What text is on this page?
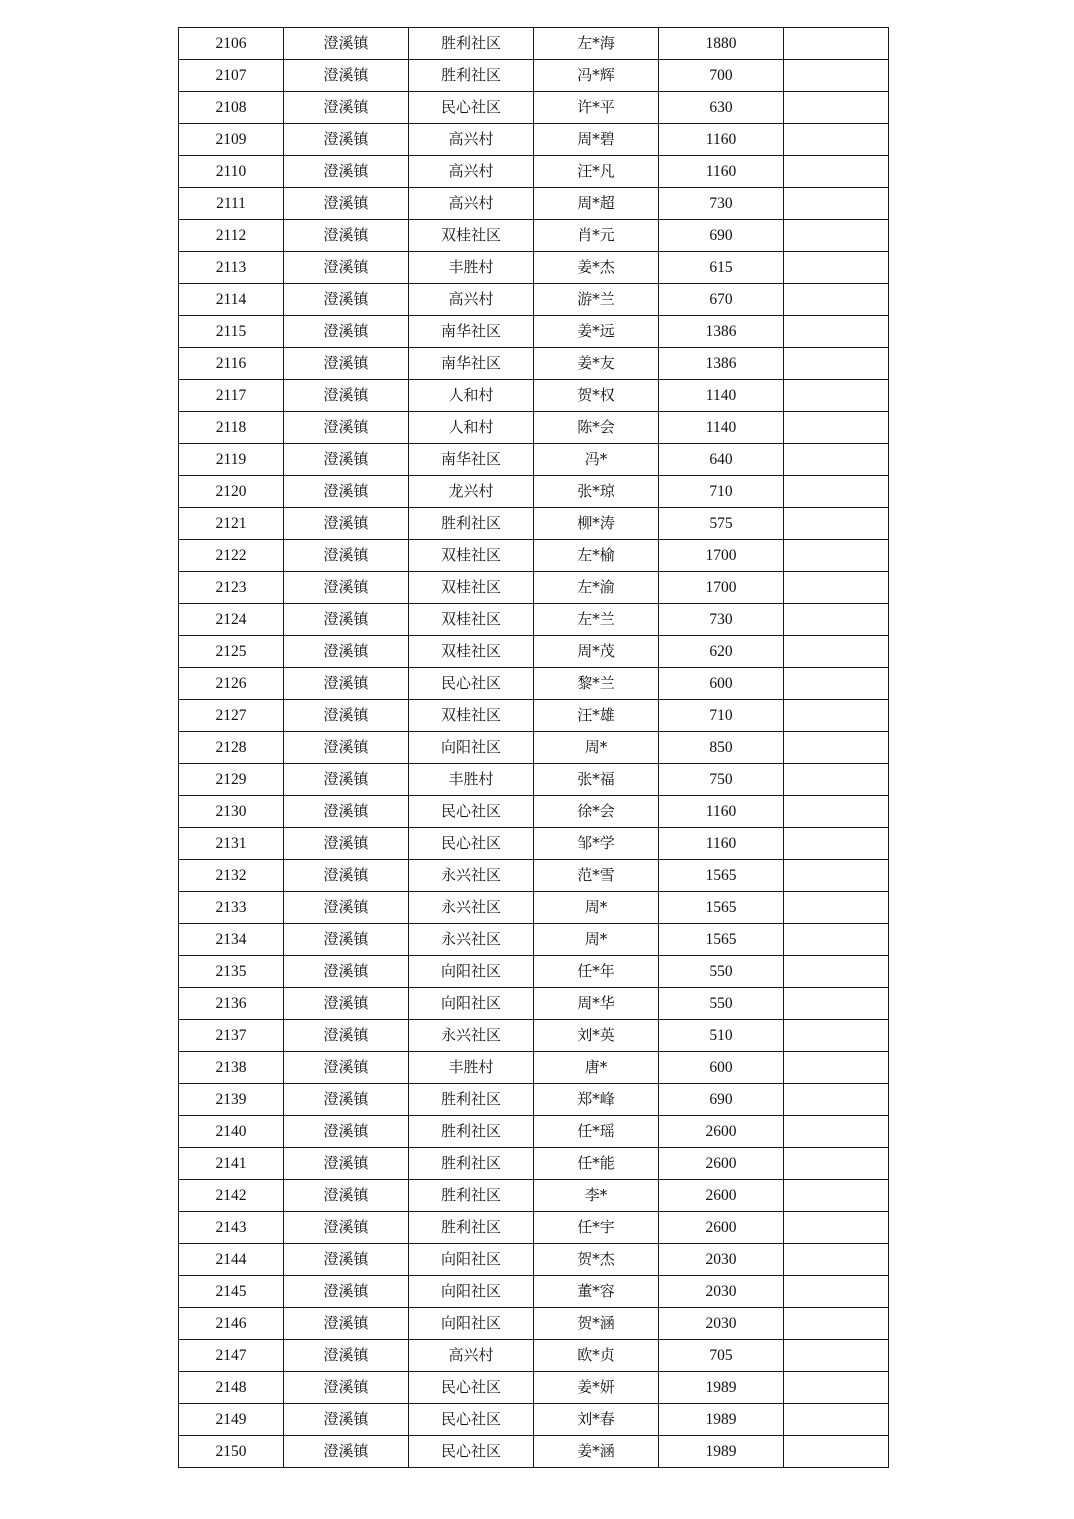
2106	澄溪镇	胜利社区	左*海	1880	
2107	澄溪镇	胜利社区	冯*辉	700	
2108	澄溪镇	民心社区	许*平	630	
2109	澄溪镇	高兴村	周*碧	1160	
2110	澄溪镇	高兴村	汪*凡	1160	
2111	澄溪镇	高兴村	周*超	730	
2112	澄溪镇	双桂社区	肖*元	690	
2113	澄溪镇	丰胜村	姜*杰	615	
2114	澄溪镇	高兴村	游*兰	670	
2115	澄溪镇	南华社区	姜*远	1386	
2116	澄溪镇	南华社区	姜*友	1386	
2117	澄溪镇	人和村	贺*权	1140	
2118	澄溪镇	人和村	陈*会	1140	
2119	澄溪镇	南华社区	冯*	640	
2120	澄溪镇	龙兴村	张*琼	710	
2121	澄溪镇	胜利社区	柳*涛	575	
2122	澄溪镇	双桂社区	左*榆	1700	
2123	澄溪镇	双桂社区	左*渝	1700	
2124	澄溪镇	双桂社区	左*兰	730	
2125	澄溪镇	双桂社区	周*茂	620	
2126	澄溪镇	民心社区	黎*兰	600	
2127	澄溪镇	双桂社区	汪*雄	710	
2128	澄溪镇	向阳社区	周*	850	
2129	澄溪镇	丰胜村	张*福	750	
2130	澄溪镇	民心社区	徐*会	1160	
2131	澄溪镇	民心社区	邹*学	1160	
2132	澄溪镇	永兴社区	范*雪	1565	
2133	澄溪镇	永兴社区	周*	1565	
2134	澄溪镇	永兴社区	周*	1565	
2135	澄溪镇	向阳社区	任*年	550	
2136	澄溪镇	向阳社区	周*华	550	
2137	澄溪镇	永兴社区	刘*英	510	
2138	澄溪镇	丰胜村	唐*	600	
2139	澄溪镇	胜利社区	郑*峰	690	
2140	澄溪镇	胜利社区	任*瑶	2600	
2141	澄溪镇	胜利社区	任*能	2600	
2142	澄溪镇	胜利社区	李*	2600	
2143	澄溪镇	胜利社区	任*宇	2600	
2144	澄溪镇	向阳社区	贺*杰	2030	
2145	澄溪镇	向阳社区	董*容	2030	
2146	澄溪镇	向阳社区	贺*涵	2030	
2147	澄溪镇	高兴村	欧*贞	705	
2148	澄溪镇	民心社区	姜*妍	1989	
2149	澄溪镇	民心社区	刘*春	1989	
2150	澄溪镇	民心社区	姜*涵	1989	
